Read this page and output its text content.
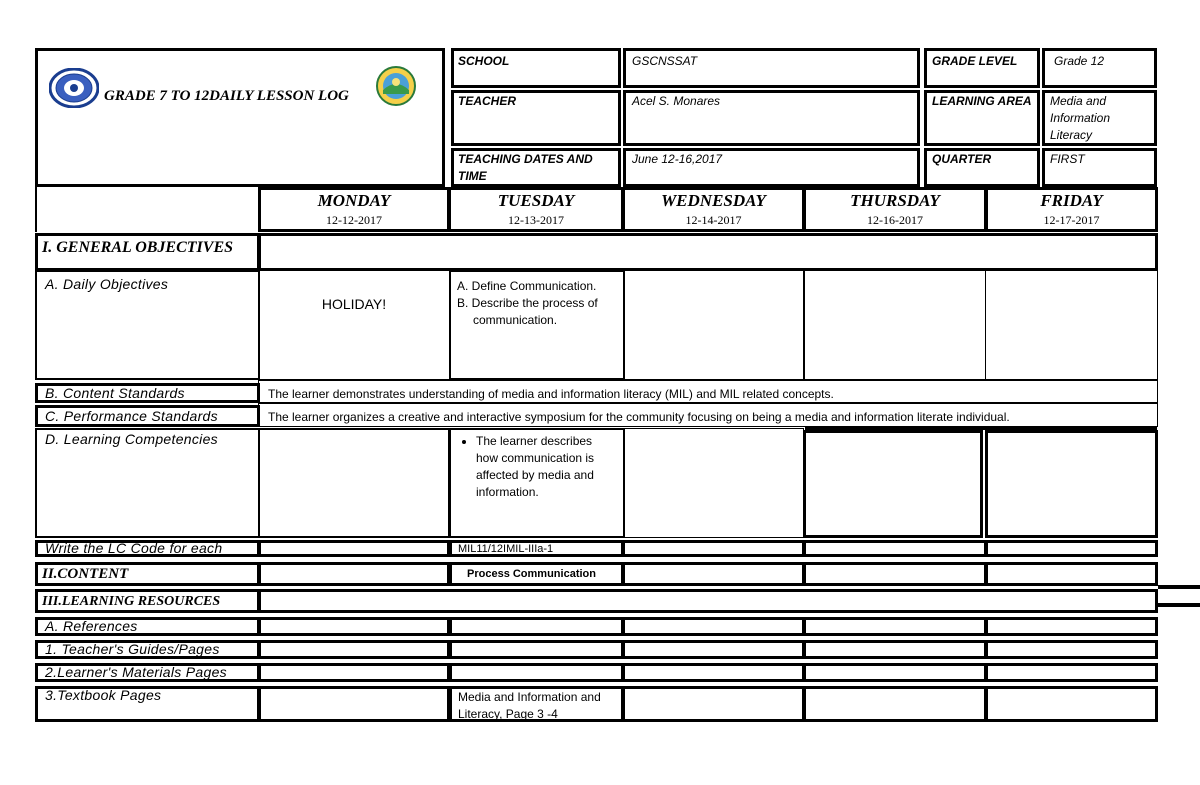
GRADE 7 TO 12DAILY LESSON LOG
SCHOOL	GSCNSSAT	GRADE LEVEL	Grade 12
TEACHER	Acel S. Monares	LEARNING AREA Media and
Information
Literacy
TEACHING DATES AND
TIME
June 12-16,2017	QUARTER	FIRST
MONDAY
12-12-2017
TUESDAY
12-13-2017
WEDNESDAY
12-14-2017
THURSDAY
12-16-2017
FRIDAY
12-17-2017
I. GENERAL OBJECTIVES
A. Daily Objectives
HOLIDAY!
A. Define Communication.
B. Describe the process of
communication.
B. Content Standards	The learner demonstrates understanding of media and information literacy (MIL) and MIL related concepts.
C. Performance Standards	The learner organizes a creative and interactive symposium for the community focusing on being a media and information literate individual.
D. Learning Competencies
•	The learner describes
how communication is
affected by media and
information.
Write the LC Code for each	MIL11/12IMIL-IIIa-1
II.CONTENT	Process Communication
III.LEARNING RESOURCES
A. References
1. Teacher's Guides/Pages
2.Learner's Materials Pages
3.Textbook Pages	Media and Information and
Literacy, Page 3 -4
